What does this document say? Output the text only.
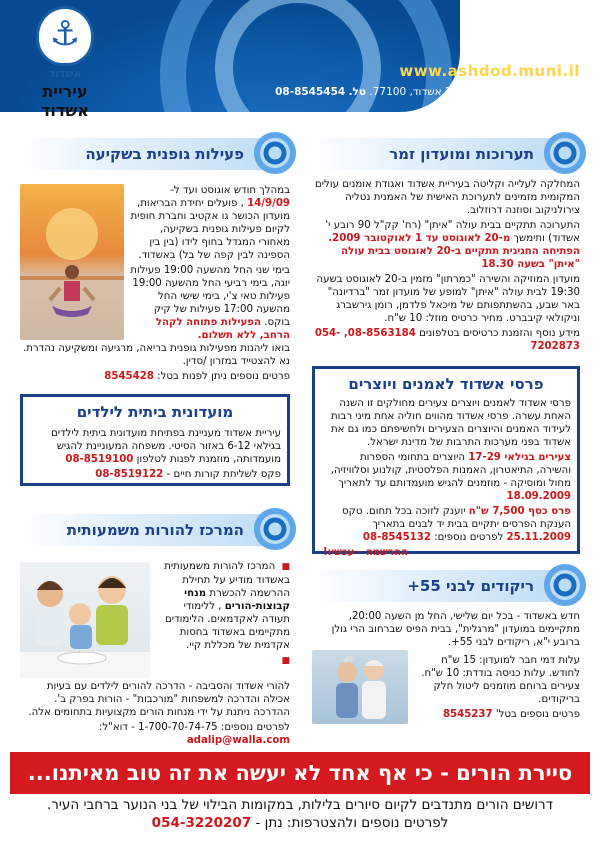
www.ashdod.muni.il
רח' הגדוד העברי 10, ת.ד. 28 אשדוד, 77100. טל. 08-8545454
⚓
אשדוד
עיריית אשדוד
תערוכות ומועדון זמר

המחלקה לעלייה וקליטה בעיריית אשדוד ואגודת אומנים עולים המקומית מזמינים לתערוכת האישית של האמנית נטליה צירולניקוב וסוזנה דרוזלוב.

התערוכה תתקיים בבית עולה "איתן" (רח' קק"ל 90 רובע י' אשדוד) ותימשך מ-20 לאוגוסט עד 1 לאוקטובר 2009. הפתיחה החגיגית תתקיים ב-20 לאוגוסט בבית עולה "איתן" בשעה 18.30

מועדון המוזיקה והשירה "כמרתון" מזמין ב-20 לאוגוסט בשעה 19:30 לבית עולה "איתן" למופע של מועדון זמר "ברדיונה" באר שבע, בהשתתפותם של מיכאל פלדמן, רומן גירשברג וניקולאי קיבברט. מחיר כרטיס מוזל: 10 ש"ח.

מידע נוסף והזמנת כרטיסים בטלפונים 08-8563184, 054-7202873

פרסי אשדוד לאמנים ויוצרים

פרסי אשדוד לאמנים ויוצרים צעירים מחולקים זו השנה האחת עשרה. פרסי אשדוד מהווים חוליה אחת מיני רבות לעידוד האמנים והיוצרים הצעירים ולחשיפתם כמו גם את אשדוד בפני מערכות התרבות של מדינת ישראל.

צעירים בגילאי 17-29 היוצרים בתחומי הספרות והשירה, התיאטרון, האמנות הפלסטית, קולנוע וסלוויזיה, מחול ומוסיקה - מוזמנים להגיש מועמדותם עד לתאריך 18.09.2009

פרס כסף 7,500 ש"ח יוענק לזוכה בכל תחום. טקס הענקת הפרסים יתקיים בבית יד לבנים בתאריך 25.11.2009 לפרטים נוספים: 08-8545132

ההרשמה - עכשיו!

ריקודים לבני 55+
חדש באשדוד - בכל יום שלישי, החל מן השעה 20:00, מתקיימים במועדון "מרגלית", בבית הפיס שברחוב הרי גולן ברובע י"א, ריקודים לבני 55+.

עלות דמי חבר למועדון: 15 ש"ח לחודש. עלות כניסה בודדת: 10 ש"ח. צעירים ברוחם מוזמנים ליטול חלק בריקודים.

פרטים נוספים בטל' 8545237

פעילות גופנית בשקיעה

במהלך חודש אוגוסט ועד ל- 14/9/09 , פועלים יחידת הבריאות, מועדון הכושר גו אקטיב וחברת חופית לקיום פעילות גופנית בשקיעה, מאחורי המגדל בחוף לידו (בין בין הספינה לבין קפה של בל) באשדוד.

בימי שני החל מהשעה 19:00 פעילות יוגה, בימי רביעי החל מהשעה 19:00 פעילות טאי צ'י, בימי שישי החל מהשעה 17:00 פעילות של קיק בוקס. הפעילות פתוחה לקהל הרחב, ללא תשלום.

בואו ליהנות מפעילות גופנית בריאה, מרגיעה ומשקיעה נהדרת. נא להצטייד במזרון /סדין.

פרטים נוספים ניתן לפנות בטל: 8545428

מועדונית ביתית לילדים

עיריית אשדוד מעניינת בפתיחת מועדונית ביתית לילדים בגילאי 6-12 באזור הסיטי. משפחה המעוניינת להגיש מועמדותה, מוזמנת לפנות לטלפון 08-8519100

פקס לשליחת קורות חיים - 08-8519122

המרכז להורות משמעותית

■ המרכז להורות משמעותית באשדוד מודיע על תחילת ההרשמה להכשרת מנחי קבוצות-הורים , ללימודי תעודה לאקדמאים. הלימודים מתקיימים באשדוד בחסות אקדמית של מכללת קיי.

■

להורי אשדוד והסביבה - הדרכה להורים לילדים עם בעיות אכילה והדרכה למשפחות "מורכבות" - הורות בפרק ב'. ההדרכה ניתנת על ידי מנחות הורים מקצועיות בתחומים אלה.

לפרטים נוספים: 1-700-70-74-75 - דוא"ל: adalip@walla.com

סיירת הורים - כי אף אחד לא יעשה את זה טוב מאיתנו...
דרושים הורים מתנדבים לקיום סיורים בלילות, במקומות הבילוי של בני הנוער ברחבי העיר.
לפרטים נוספים ולהצטרפות: נתן - 054-3220207
